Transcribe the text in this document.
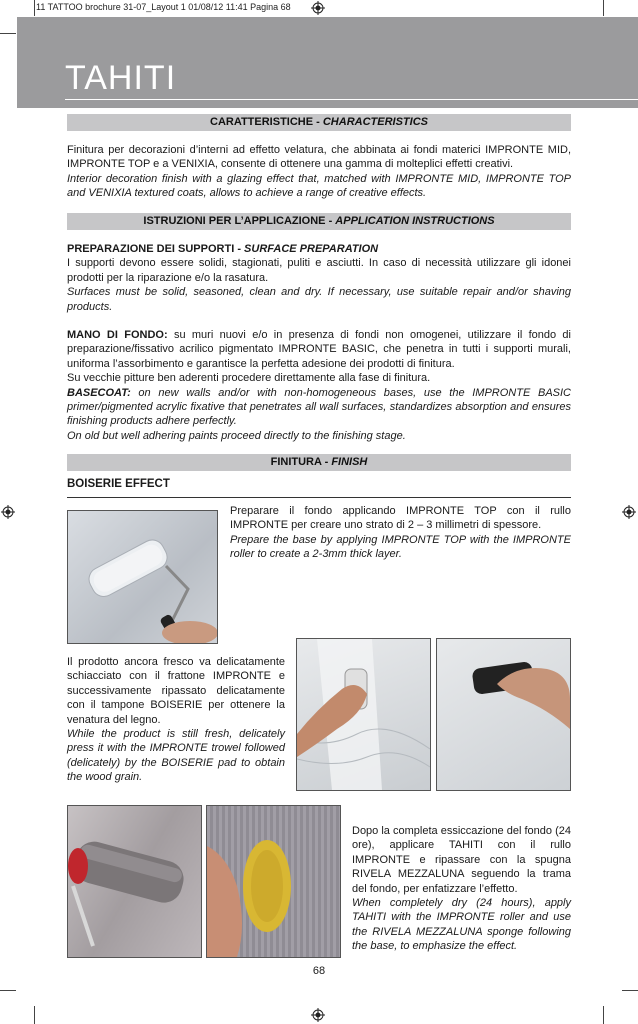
11 TATTOO brochure 31-07_Layout 1 01/08/12 11:41 Pagina 68
TAHITI
CARATTERISTICHE - CHARACTERISTICS
Finitura per decorazioni d’interni ad effetto velatura, che abbinata ai fondi materici IMPRONTE MID, IMPRONTE TOP e a VENIXIA, consente di ottenere una gamma di molteplici effetti creativi.
Interior decoration finish with a glazing effect that, matched with IMPRONTE MID, IMPRONTE TOP and VENIXIA textured coats, allows to achieve a range of creative effects.
ISTRUZIONI PER L’APPLICAZIONE - APPLICATION INSTRUCTIONS
PREPARAZIONE DEI SUPPORTI - SURFACE PREPARATION
I supporti devono essere solidi, stagionati, puliti e asciutti. In caso di necessità utilizzare gli idonei prodotti per la riparazione e/o la rasatura.
Surfaces must be solid, seasoned, clean and dry. If necessary, use suitable repair and/or shaving products.
MANO DI FONDO: su muri nuovi e/o in presenza di fondi non omogenei, utilizzare il fondo di preparazione/fissativo acrilico pigmentato IMPRONTE BASIC, che penetra in tutti i supporti murali, uniforma l’assorbimento e garantisce la perfetta adesione dei prodotti di finitura.
Su vecchie pitture ben aderenti procedere direttamente alla fase di finitura.
BASECOAT: on new walls and/or with non-homogeneous bases, use the IMPRONTE BASIC primer/pigmented acrylic fixative that penetrates all wall surfaces, standardizes absorption and ensures finishing products adhere perfectly.
On old but well adhering paints proceed directly to the finishing stage.
FINITURA - FINISH
BOISERIE EFFECT
Preparare il fondo applicando IMPRONTE TOP con il rullo IMPRONTE per creare uno strato di 2 – 3 millimetri di spessore.
Prepare the base by applying IMPRONTE TOP with the IMPRONTE roller to create a 2-3mm thick layer.
Il prodotto ancora fresco va delicatamente schiacciato con il frattone IMPRONTE e successivamente ripassato delicatamente con il tampone BOISERIE per ottenere la venatura del legno.
While the product is still fresh, delicately press it with the IMPRONTE trowel followed (delicately) by the BOISERIE pad to obtain the wood grain.
Dopo la completa essiccazione del fondo (24 ore), applicare TAHITI con il rullo IMPRONTE e ripassare con la spugna RIVELA MEZZALUNA seguendo la trama del fondo, per enfatizzare l’effetto.
When completely dry (24 hours), apply TAHITI with the IMPRONTE roller and use the RIVELA MEZZALUNA sponge following the base, to emphasize the effect.
68
